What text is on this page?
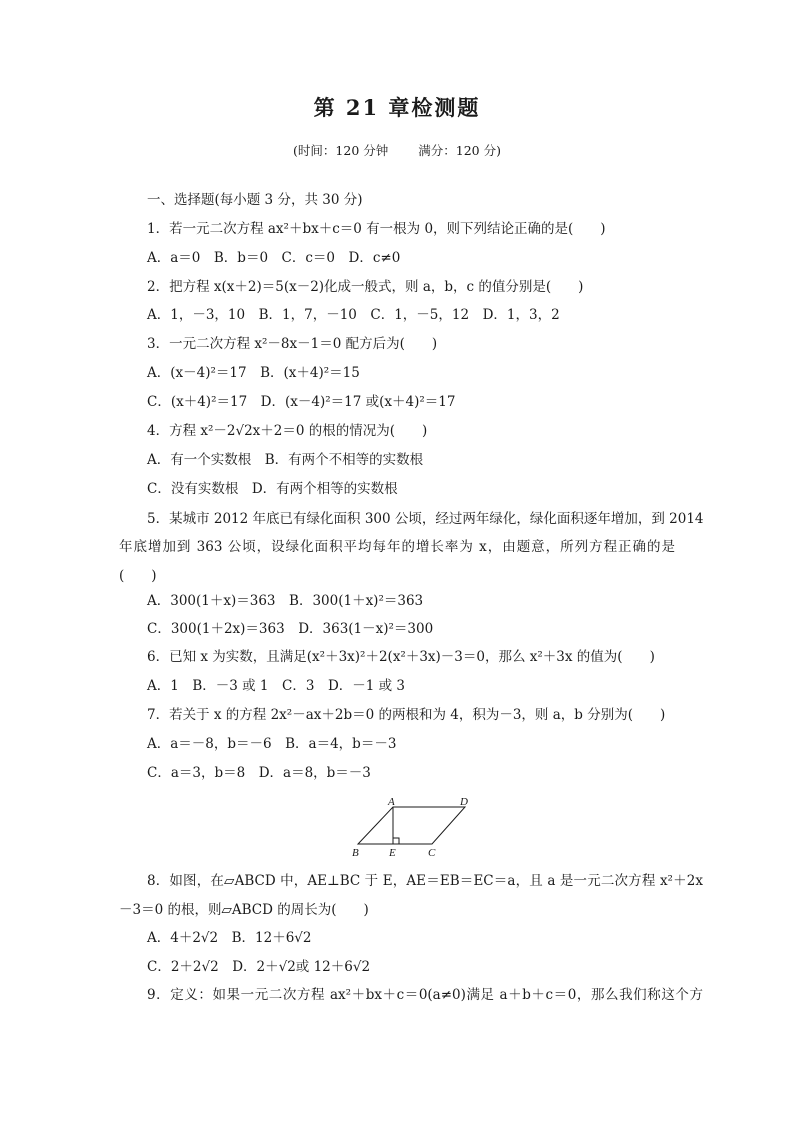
第 21 章检测题
(时间：120 分钟 满分：120 分)
一、选择题(每小题 3 分，共 30 分)
1．若一元二次方程 ax²＋bx＋c＝0 有一根为 0，则下列结论正确的是(　　)
A．a＝0　B．b＝0　C．c＝0　D．c≠0
2．把方程 x(x＋2)＝5(x－2)化成一般式，则 a，b，c 的值分别是(　　)
A．1，－3，10　B．1，7，－10　C．1，－5，12　D．1，3，2
3．一元二次方程 x²－8x－1＝0 配方后为(　　)
A．(x－4)²＝17　B．(x＋4)²＝15
C．(x＋4)²＝17　D．(x－4)²＝17 或(x＋4)²＝17
4．方程 x²－2√2x＋2＝0 的根的情况为(　　)
A．有一个实数根　B．有两个不相等的实数根
C．没有实数根　D．有两个相等的实数根
5．某城市 2012 年底已有绿化面积 300 公顷，经过两年绿化，绿化面积逐年增加，到 2014
年底增加到 363 公顷，设绿化面积平均每年的增长率为 x，由题意，所列方程正确的是
(　　)
A．300(1＋x)＝363　B．300(1＋x)²＝363
C．300(1＋2x)＝363　D．363(1－x)²＝300
6．已知 x 为实数，且满足(x²＋3x)²＋2(x²＋3x)－3＝0，那么 x²＋3x 的值为(　　)
A．1　B．－3 或 1　C．3　D．－1 或 3
7．若关于 x 的方程 2x²－ax＋2b＝0 的两根和为 4，积为－3，则 a，b 分别为(　　)
A．a＝－8，b＝－6　B．a＝4，b＝－3
C．a＝3，b＝8　D．a＝8，b＝－3
A	D
B	E	C
8．如图，在▱ABCD 中，AE⊥BC 于 E，AE＝EB＝EC＝a，且 a 是一元二次方程 x²＋2x
－3＝0 的根，则▱ABCD 的周长为(　　)
A．4＋2√2　B．12＋6√2
C．2＋2√2　D．2＋√2或 12＋6√2
9．定义：如果一元二次方程 ax²＋bx＋c＝0(a≠0)满足 a＋b＋c＝0，那么我们称这个方
